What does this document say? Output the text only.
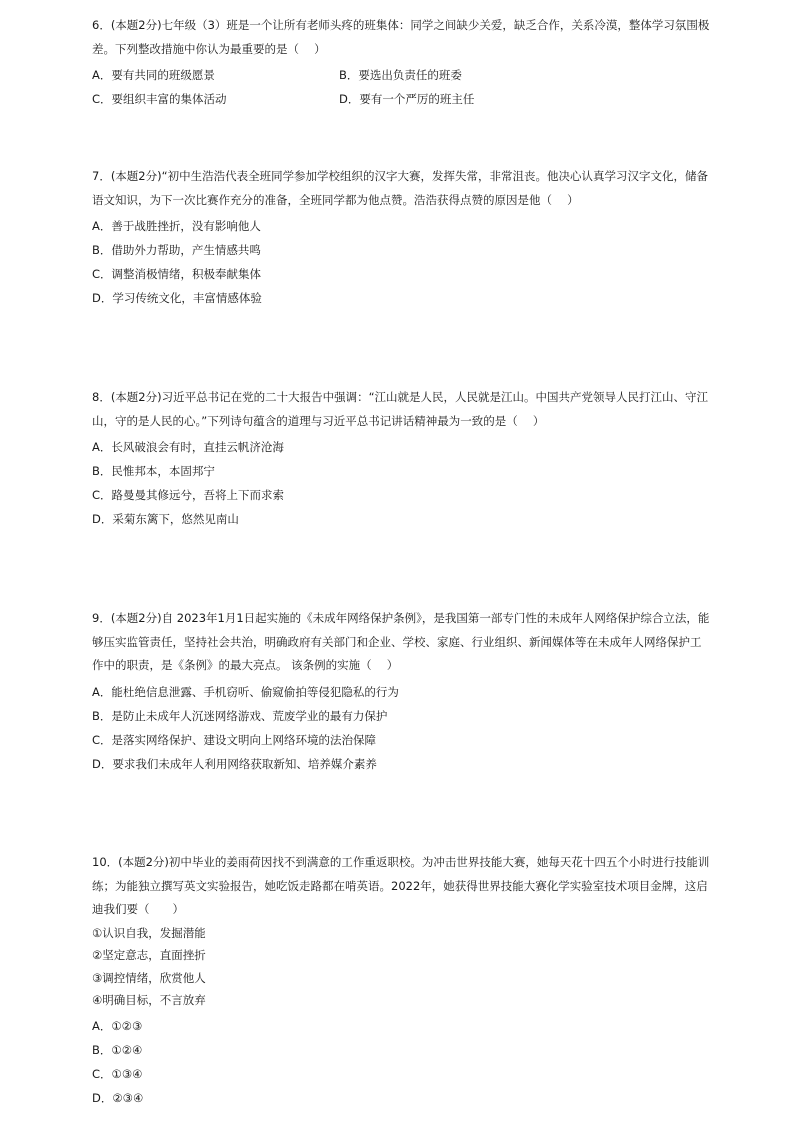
6．(本题2分)七年级（3）班是一个让所有老师头疼的班集体：同学之间缺少关爱，缺乏合作，关系冷漠，整体学习氛围极差。下列整改措施中你认为最重要的是（　 ）

A．要有共同的班级愿景	B．要选出负责任的班委
C．要组织丰富的集体活动	D．要有一个严厉的班主任

7．(本题2分)“初中生浩浩代表全班同学参加学校组织的汉字大赛，发挥失常，非常沮丧。他决心认真学习汉字文化，储备语文知识，为下一次比赛作充分的准备，全班同学都为他点赞。浩浩获得点赞的原因是他（　 ）

A．善于战胜挫折，没有影响他人
B．借助外力帮助，产生情感共鸣
C．调整消极情绪，积极奉献集体
D．学习传统文化，丰富情感体验

8．(本题2分)习近平总书记在党的二十大报告中强调：“江山就是人民，人民就是江山。中国共产党领导人民打江山、守江山，守的是人民的心。”下列诗句蕴含的道理与习近平总书记讲话精神最为一致的是（　 ）

A．长风破浪会有时，直挂云帆济沧海
B．民惟邦本，本固邦宁
C．路曼曼其修远兮，吾将上下而求索
D．采菊东篱下，悠然见南山

9．(本题2分)自 2023年1月1日起实施的《未成年网络保护条例》，是我国第一部专门性的未成年人网络保护综合立法，能够压实监管责任，坚持社会共治，明确政府有关部门和企业、学校、家庭、行业组织、新闻媒体等在未成年人网络保护工作中的职责，是《条例》的最大亮点。 该条例的实施（　 ）

A．能杜绝信息泄露、手机窃听、偷窥偷拍等侵犯隐私的行为
B．是防止未成年人沉迷网络游戏、荒废学业的最有力保护
C．是落实网络保护、建设文明向上网络环境的法治保障
D．要求我们未成年人利用网络获取新知、培养媒介素养

10．(本题2分)初中毕业的姜雨荷因找不到满意的工作重返职校。为冲击世界技能大赛，她每天花十四五个小时进行技能训练；为能独立撰写英文实验报告，她吃饭走路都在啃英语。2022年，她获得世界技能大赛化学实验室技术项目金牌，这启迪我们要（　　）

①认识自我，发掘潜能
②坚定意志，直面挫折
③调控情绪，欣赏他人
④明确目标，不言放弃
A．①②③
B．①②④
C．①③④
D．②③④
